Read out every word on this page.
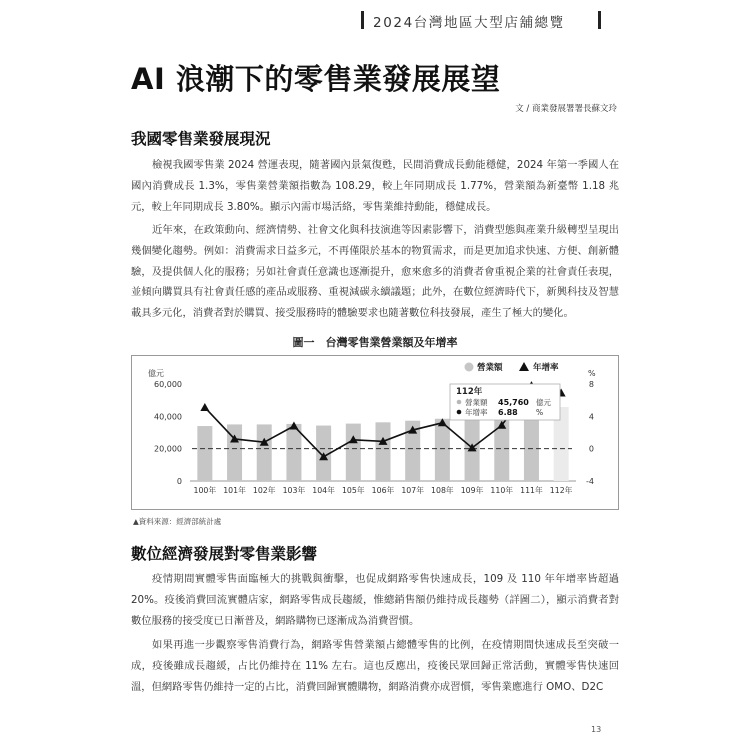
2024台灣地區大型店舖總覽
AI 浪潮下的零售業發展展望
文 / 商業發展署署長蘇文玲
我國零售業發展現況

檢視我國零售業 2024 營運表現，隨著國內景氣復甦，民間消費成長動能穩健，2024 年第一季國人在國內消費成長 1.3%，零售業營業額指數為 108.29，較上年同期成長 1.77%，營業額為新臺幣 1.18 兆元，較上年同期成長 3.80%。顯示內需市場活絡，零售業維持動能，穩健成長。

近年來，在政策動向、經濟情勢、社會文化與科技演進等因素影響下，消費型態與產業升級轉型呈現出幾個變化趨勢。例如：消費需求日益多元，不再僅限於基本的物質需求，而是更加追求快速、方便、創新體驗，及提供個人化的服務；另如社會責任意識也逐漸提升，愈來愈多的消費者會重視企業的社會責任表現，並傾向購買具有社會責任感的產品或服務、重視減碳永續議題；此外，在數位經濟時代下，新興科技及智慧載具多元化，消費者對於購買、接受服務時的體驗要求也隨著數位科技發展，產生了極大的變化。

圖一　台灣零售業營業額及年增率
億元
0
20,000
40,000
60,000
%
-4
0
4
8
100年 101年 102年 103年 104年 105年 106年 107年 108年 109年 110年 111年 112年
營業額	年增率
112年
營業額 45,760 億元
年增率 6.88 %
▲資料來源：經濟部統計處
數位經濟發展對零售業影響

疫情期間實體零售面臨極大的挑戰與衝擊，也促成網路零售快速成長，109 及 110 年年增率皆超過 20%。疫後消費回流實體店家，網路零售成長趨緩，惟總銷售額仍維持成長趨勢（詳圖二），顯示消費者對數位服務的接受度已日漸普及，網路購物已逐漸成為消費習慣。

如果再進一步觀察零售消費行為，網路零售營業額占總體零售的比例，在疫情期間快速成長至突破一成，疫後雖成長趨緩，占比仍維持在 11% 左右。這也反應出，疫後民眾回歸正常活動，實體零售快速回溫，但網路零售仍維持一定的占比，消費回歸實體購物，網路消費亦成習慣，零售業應進行 OMO、D2C

13
